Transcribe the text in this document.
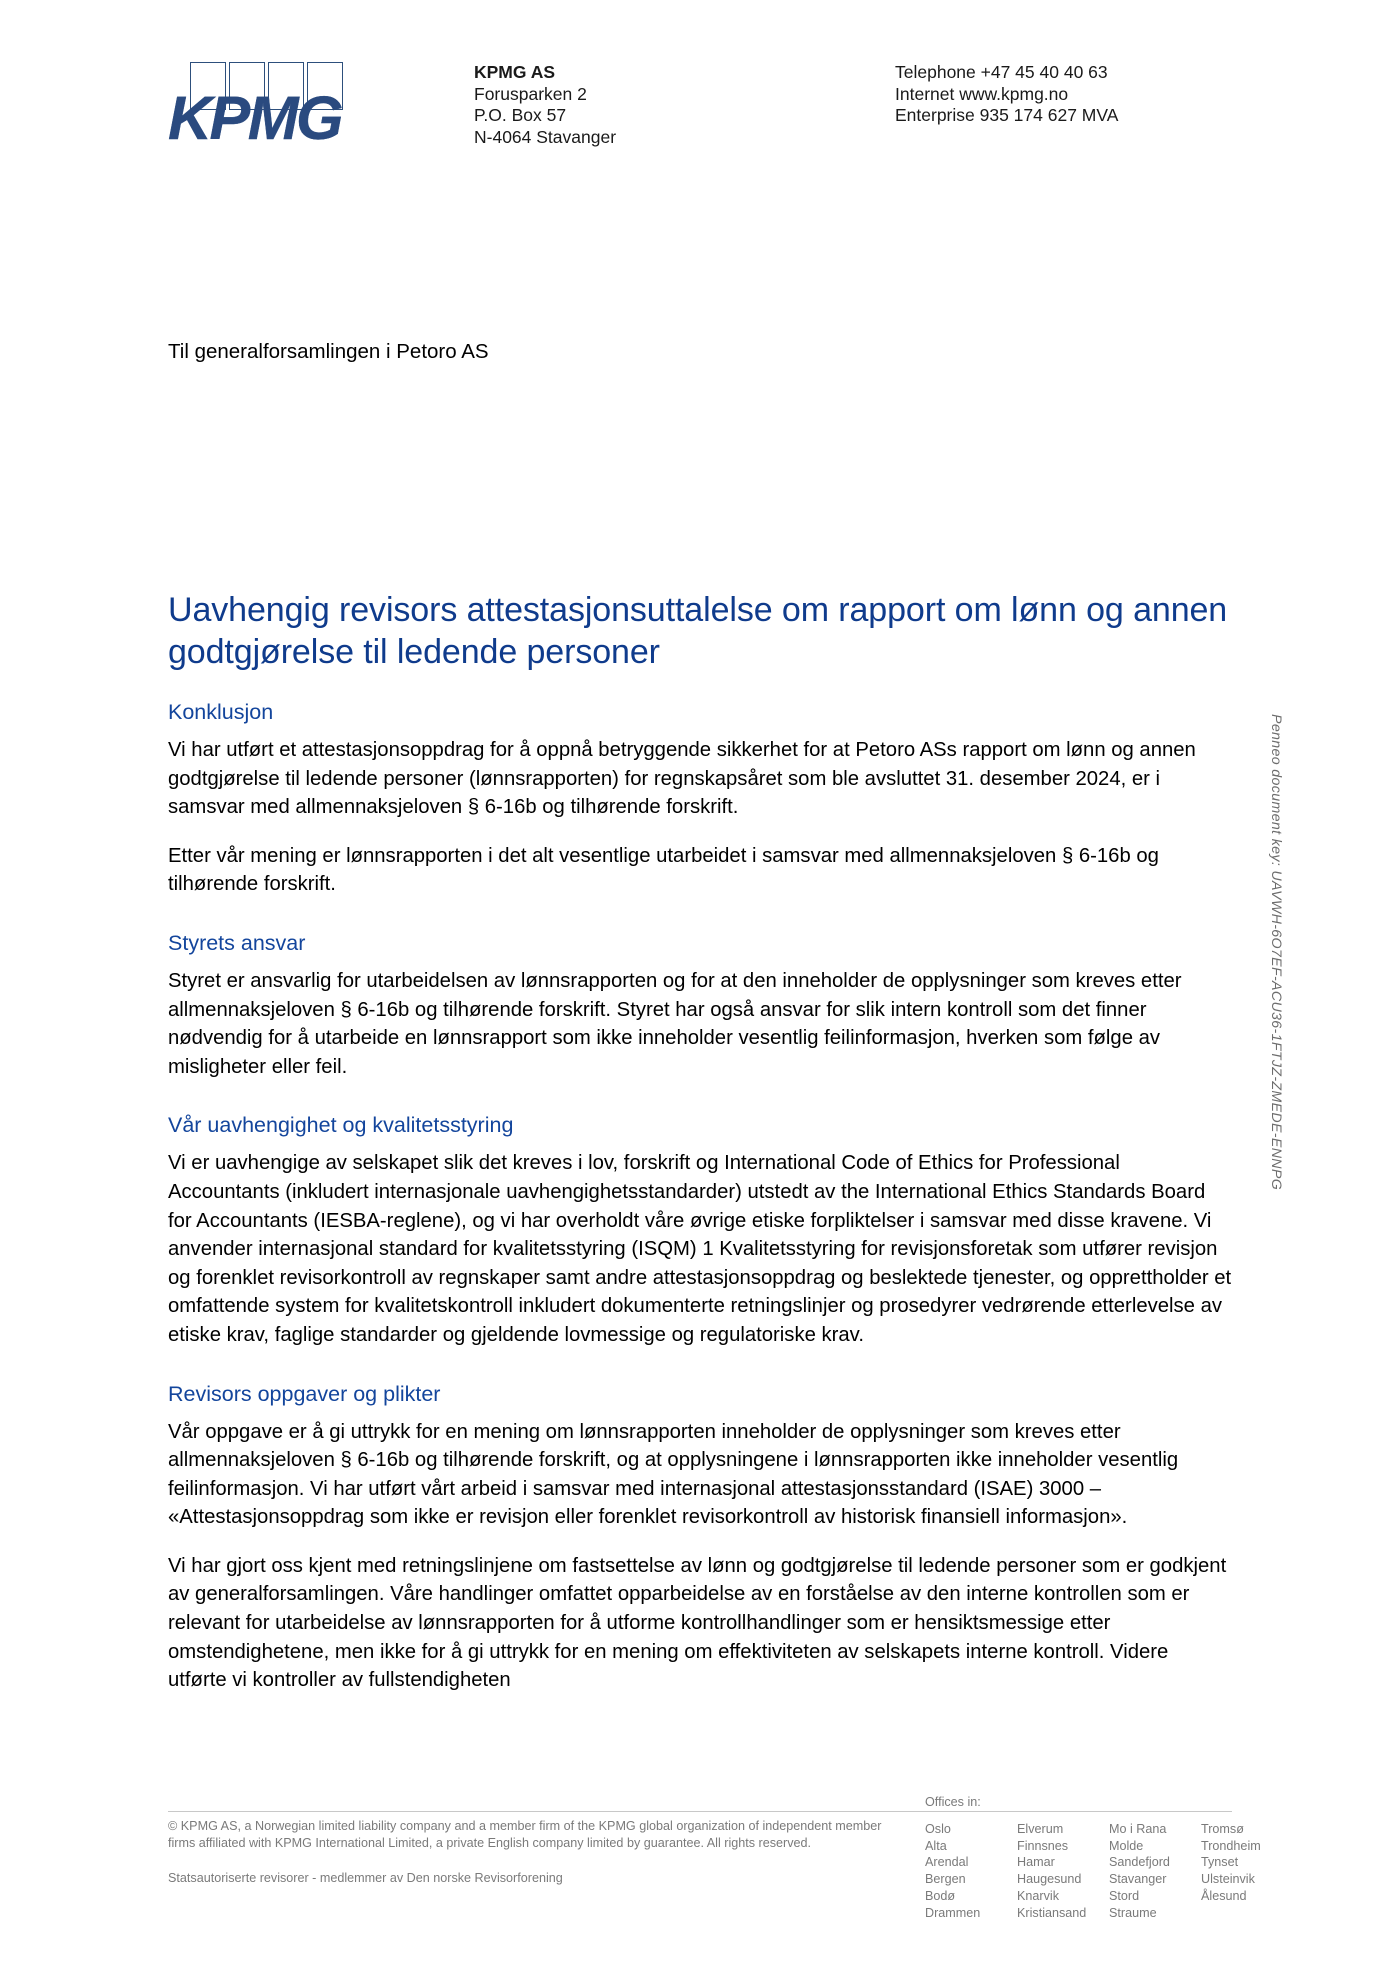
KPMG
KPMG AS
Forusparken 2
P.O. Box 57
N-4064 Stavanger
Telephone +47 45 40 40 63
Internet www.kpmg.no
Enterprise 935 174 627 MVA
Til generalforsamlingen i Petoro AS
Uavhengig revisors attestasjonsuttalelse om rapport om lønn og annen godtgjørelse til ledende personer
Konklusjon

Vi har utført et attestasjonsoppdrag for å oppnå betryggende sikkerhet for at Petoro ASs rapport om lønn og annen godtgjørelse til ledende personer (lønnsrapporten) for regnskapsåret som ble avsluttet 31. desember 2024, er i samsvar med allmennaksjeloven § 6-16b og tilhørende forskrift.

Etter vår mening er lønnsrapporten i det alt vesentlige utarbeidet i samsvar med allmennaksjeloven § 6-16b og tilhørende forskrift.

Styrets ansvar

Styret er ansvarlig for utarbeidelsen av lønnsrapporten og for at den inneholder de opplysninger som kreves etter allmennaksjeloven § 6-16b og tilhørende forskrift. Styret har også ansvar for slik intern kontroll som det finner nødvendig for å utarbeide en lønnsrapport som ikke inneholder vesentlig feilinformasjon, hverken som følge av misligheter eller feil.

Vår uavhengighet og kvalitetsstyring

Vi er uavhengige av selskapet slik det kreves i lov, forskrift og International Code of Ethics for Professional Accountants (inkludert internasjonale uavhengighetsstandarder) utstedt av the International Ethics Standards Board for Accountants (IESBA-reglene), og vi har overholdt våre øvrige etiske forpliktelser i samsvar med disse kravene. Vi anvender internasjonal standard for kvalitetsstyring (ISQM) 1 Kvalitetsstyring for revisjonsforetak som utfører revisjon og forenklet revisorkontroll av regnskaper samt andre attestasjonsoppdrag og beslektede tjenester, og opprettholder et omfattende system for kvalitetskontroll inkludert dokumenterte retningslinjer og prosedyrer vedrørende etterlevelse av etiske krav, faglige standarder og gjeldende lovmessige og regulatoriske krav.

Revisors oppgaver og plikter

Vår oppgave er å gi uttrykk for en mening om lønnsrapporten inneholder de opplysninger som kreves etter allmennaksjeloven § 6-16b og tilhørende forskrift, og at opplysningene i lønnsrapporten ikke inneholder vesentlig feilinformasjon. Vi har utført vårt arbeid i samsvar med internasjonal attestasjonsstandard (ISAE) 3000 – «Attestasjonsoppdrag som ikke er revisjon eller forenklet revisorkontroll av historisk finansiell informasjon».

Vi har gjort oss kjent med retningslinjene om fastsettelse av lønn og godtgjørelse til ledende personer som er godkjent av generalforsamlingen. Våre handlinger omfattet opparbeidelse av en forståelse av den interne kontrollen som er relevant for utarbeidelse av lønnsrapporten for å utforme kontrollhandlinger som er hensiktsmessige etter omstendighetene, men ikke for å gi uttrykk for en mening om effektiviteten av selskapets interne kontroll. Videre utførte vi kontroller av fullstendigheten

Penneo document key: UAVWH-6O7EF-ACU36-1FTJZ-ZMEDE-ENNPG
© KPMG AS, a Norwegian limited liability company and a member firm of the KPMG global organization of independent member firms affiliated with KPMG International Limited, a private English company limited by guarantee. All rights reserved.
Statsautoriserte revisorer - medlemmer av Den norske Revisorforening
Offices in:
Oslo
Alta
Arendal
Bergen
Bodø
Drammen
Elverum
Finnsnes
Hamar
Haugesund
Knarvik
Kristiansand
Mo i Rana
Molde
Sandefjord
Stavanger
Stord
Straume
Tromsø
Trondheim
Tynset
Ulsteinvik
Ålesund
